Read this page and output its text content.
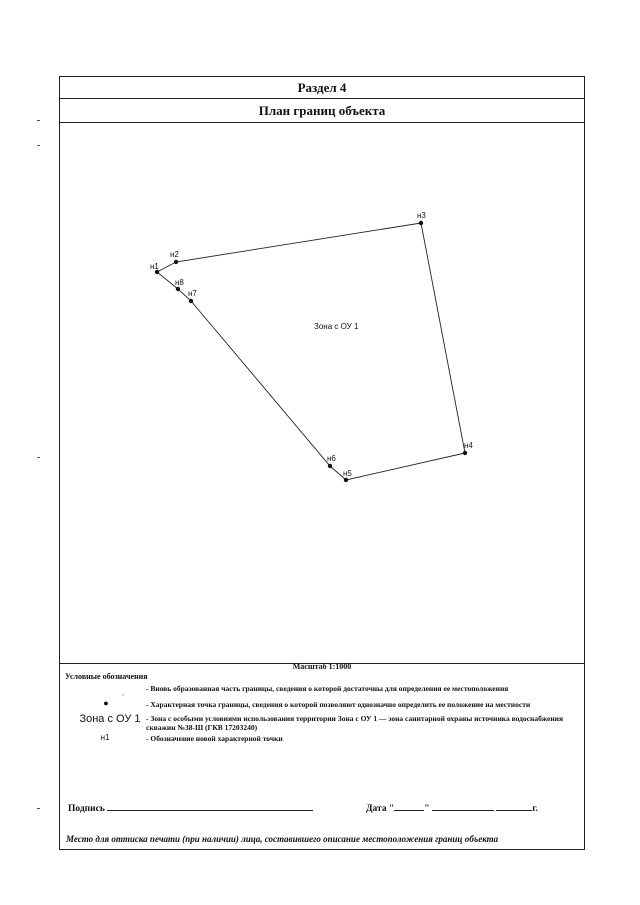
Раздел 4
План границ объекта
н1
н2
н3
н4
н5
н6
н7
н8
Зона с ОУ 1
Масштаб 1:1000
Условные обозначения
- Вновь образованная часть границы, сведения о которой достаточны для определения ее местоположения
●	- Характерная точка границы, сведения о которой позволяют однозначно определить ее положение на местности
Зона с ОУ 1 - Зона с особыми условиями использования территории Зона с ОУ 1 — зона санитарной охраны источника водоснабжения скважин №38-Ш (ГКВ 17203240)
н1	- Обозначение новой характерной точки
Подпись	Дата "	"	г.
Место для оттиска печати (при наличии) лица, составившего описание местоположения границ объекта
